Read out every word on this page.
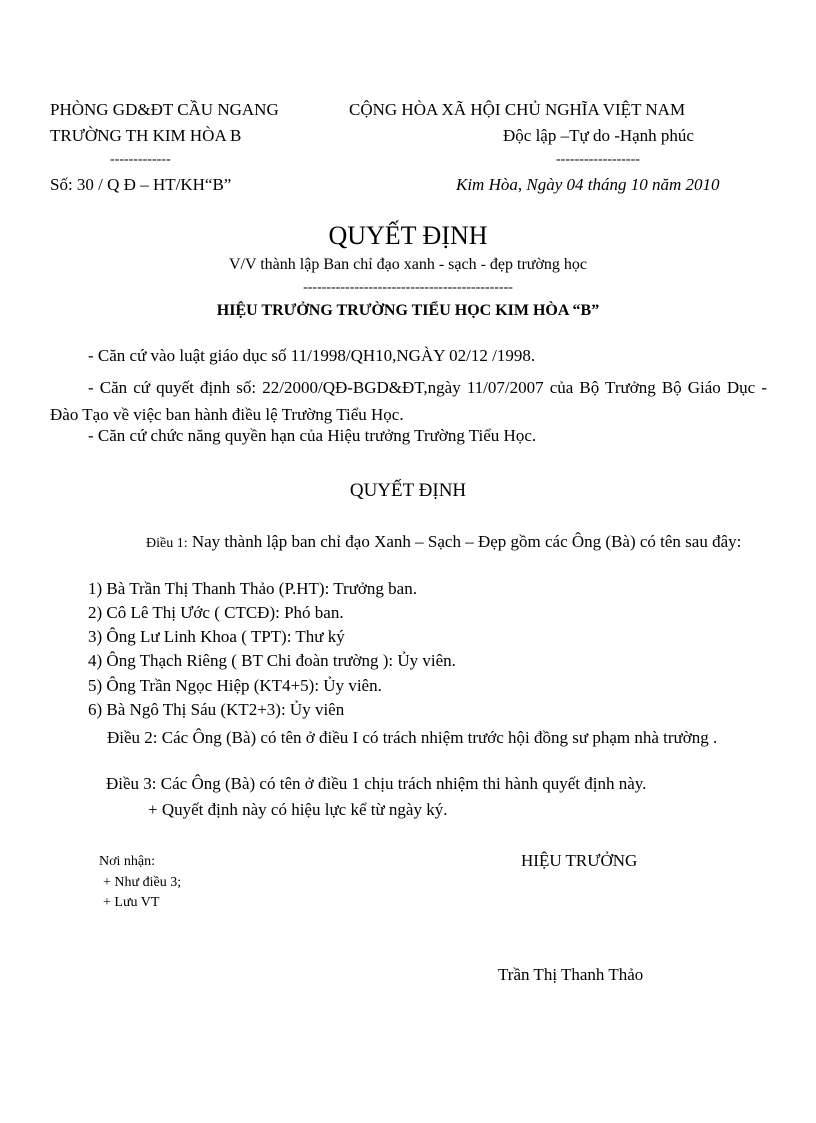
PHÒNG GD&ĐT CẦU NGANG
TRƯỜNG TH KIM HÒA B
-------------
Số: 30 / Q Đ – HT/KH“B”
CỘNG HÒA XÃ HỘI CHỦ NGHĨA VIỆT NAM
Độc lập –Tự do -Hạnh phúc
------------------
Kim Hòa, Ngày 04 tháng 10 năm 2010
QUYẾT ĐỊNH
V/V thành lập Ban chỉ đạo xanh - sạch - đẹp trường học
---------------------------------------------
HIỆU TRƯỞNG TRƯỜNG TIỂU HỌC KIM HÒA “B”
- Căn cứ vào luật giáo dục số 11/1998/QH10,NGÀY 02/12 /1998.
- Căn cứ quyết định số: 22/2000/QĐ-BGD&ĐT,ngày 11/07/2007 của Bộ Trưởng Bộ Giáo Dục - Đào Tạo về việc ban hành điều lệ Trường Tiểu Học.
- Căn cứ chức năng quyền hạn của Hiệu trưởng Trường Tiểu Học.
QUYẾT ĐỊNH
Điều 1: Nay thành lập ban chỉ đạo Xanh – Sạch – Đẹp gồm các Ông (Bà) có tên sau đây:
1) Bà Trần Thị Thanh Thảo (P.HT): Trưởng ban.
2) Cô Lê Thị Ước ( CTCĐ): Phó ban.
3) Ông Lư Linh Khoa ( TPT): Thư ký
4) Ông Thạch Riêng ( BT Chi đoàn trường ): Ủy viên.
5) Ông Trần Ngọc Hiệp (KT4+5): Ủy viên.
6) Bà Ngô Thị Sáu (KT2+3): Ủy viên
Điều 2: Các Ông (Bà) có tên ở điều I có trách nhiệm trước hội đồng sư phạm nhà trường .
Điều 3: Các Ông (Bà) có tên ở điều 1 chịu trách nhiệm thi hành quyết định này.
+ Quyết định này có hiệu lực kể từ ngày ký.
Nơi nhận:
+ Như điều 3;
+ Lưu VT
HIỆU TRƯỞNG
Trần Thị Thanh Thảo
